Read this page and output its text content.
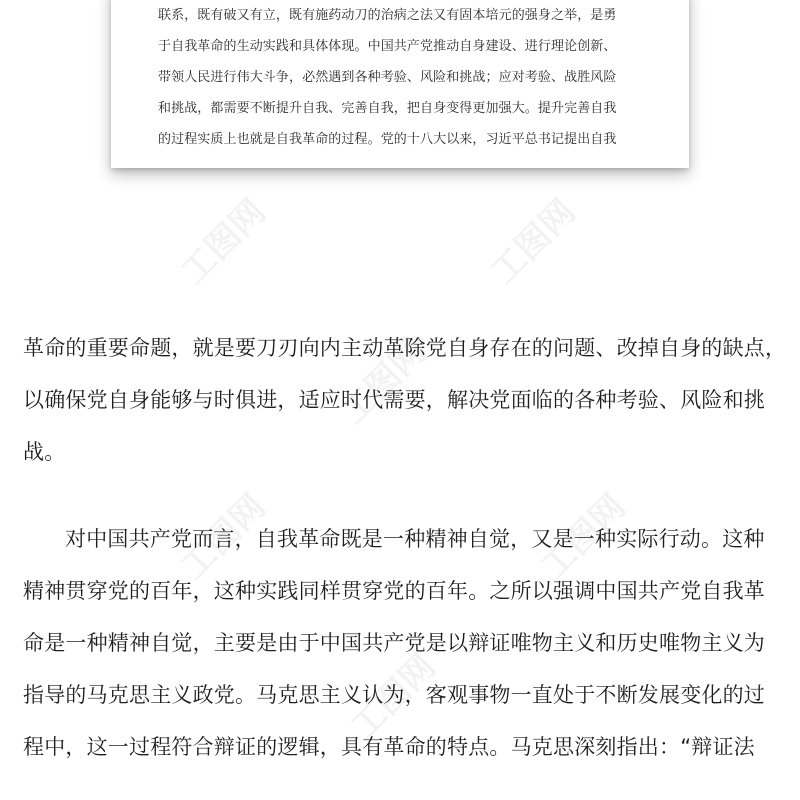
工图网	工图网
工图网
工图网	工图网
工图网
联系，既有破又有立，既有施药动刀的治病之法又有固本培元的强身之举，是勇
于自我革命的生动实践和具体体现。中国共产党推动自身建设、进行理论创新、
带领人民进行伟大斗争，必然遇到各种考验、风险和挑战；应对考验、战胜风险
和挑战，都需要不断提升自我、完善自我，把自身变得更加强大。提升完善自我
的过程实质上也就是自我革命的过程。党的十八大以来，习近平总书记提出自我
革命的重要命题，就是要刀刃向内主动革除党自身存在的问题、改掉自身的缺点，
以确保党自身能够与时俱进，适应时代需要，解决党面临的各种考验、风险和挑
战。
对中国共产党而言，自我革命既是一种精神自觉，又是一种实际行动。这种
精神贯穿党的百年，这种实践同样贯穿党的百年。之所以强调中国共产党自我革
命是一种精神自觉，主要是由于中国共产党是以辩证唯物主义和历史唯物主义为
指导的马克思主义政党。马克思主义认为，客观事物一直处于不断发展变化的过
程中，这一过程符合辩证的逻辑，具有革命的特点。马克思深刻指出：“辩证法
